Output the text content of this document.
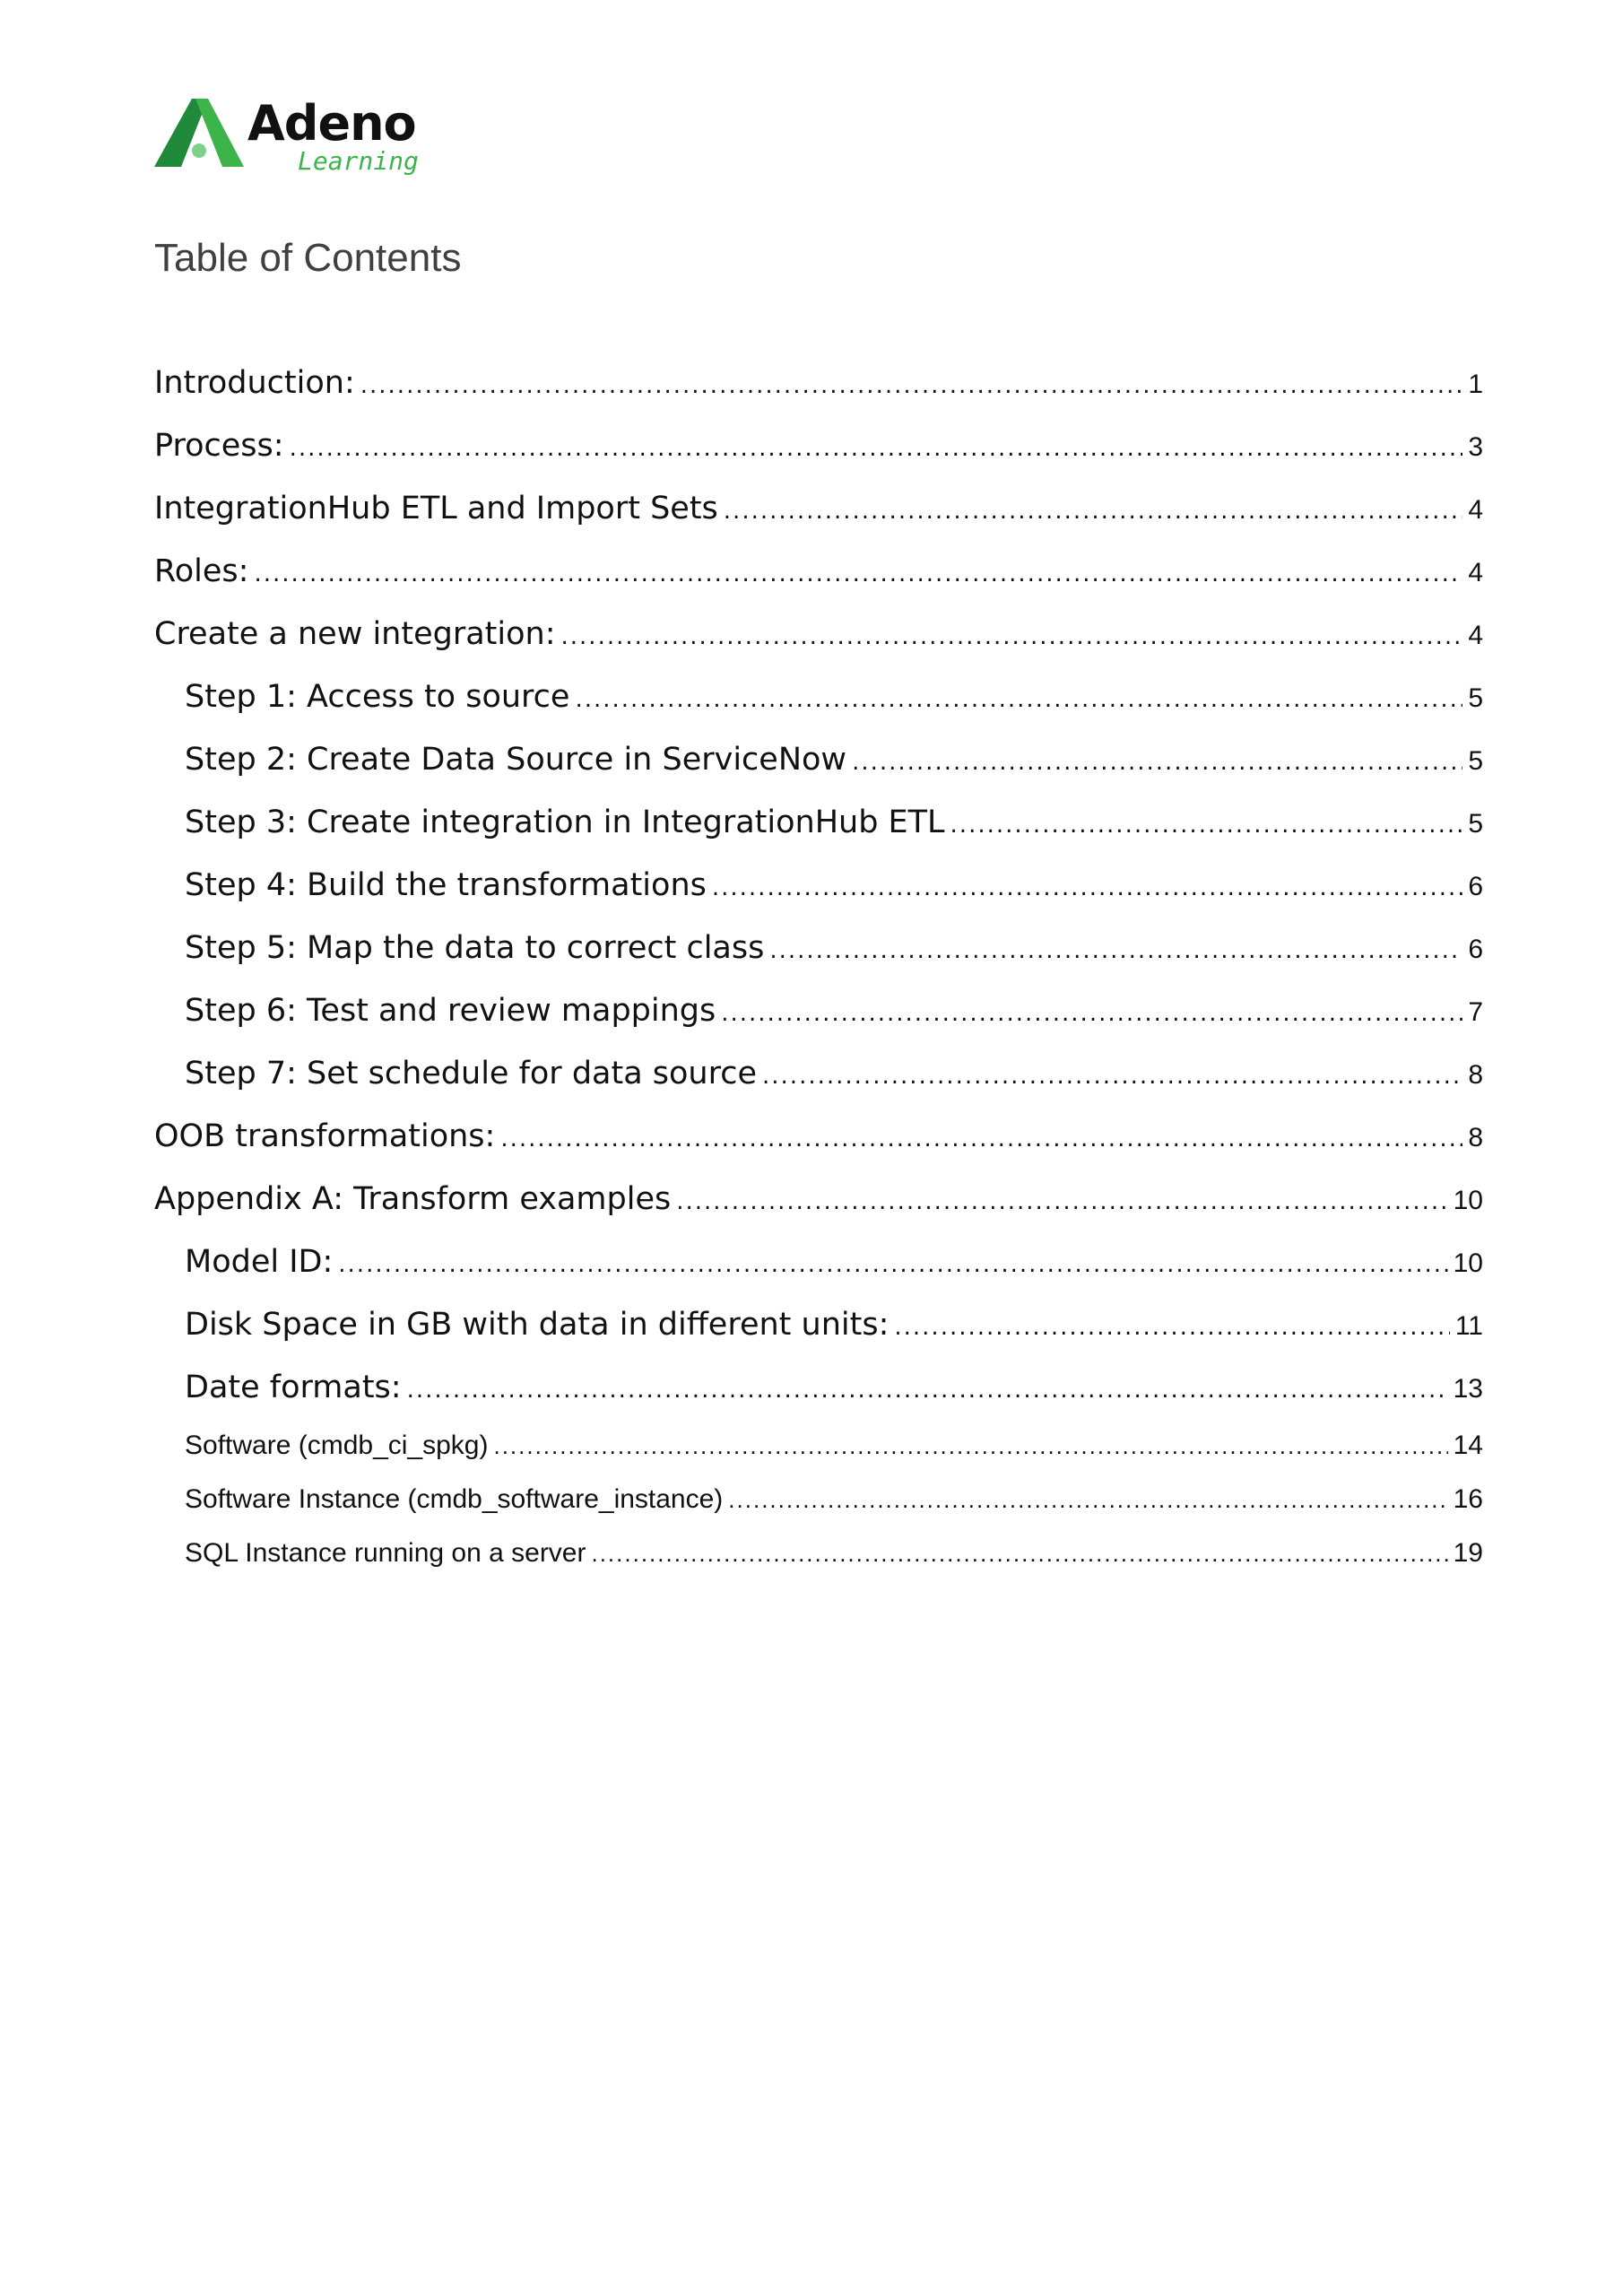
Adeno
Learning
Table of Contents
Introduction: .....	1
Process: .....	3
IntegrationHub ETL and Import Sets .....	4
Roles: .....	4
Create a new integration: .....	4
Step 1: Access to source .....	5
Step 2: Create Data Source in ServiceNow .....	5
Step 3: Create integration in IntegrationHub ETL .....	5
Step 4: Build the transformations .....	6
Step 5: Map the data to correct class .....	6
Step 6: Test and review mappings .....	7
Step 7: Set schedule for data source .....	8
OOB transformations: .....	8
Appendix A: Transform examples .....	10
Model ID: .....	10
Disk Space in GB with data in different units: .....	11
Date formats: .....	13
Software (cmdb_ci_spkg) .....	14
Software Instance (cmdb_software_instance) .....	16
SQL Instance running on a server .....	19
